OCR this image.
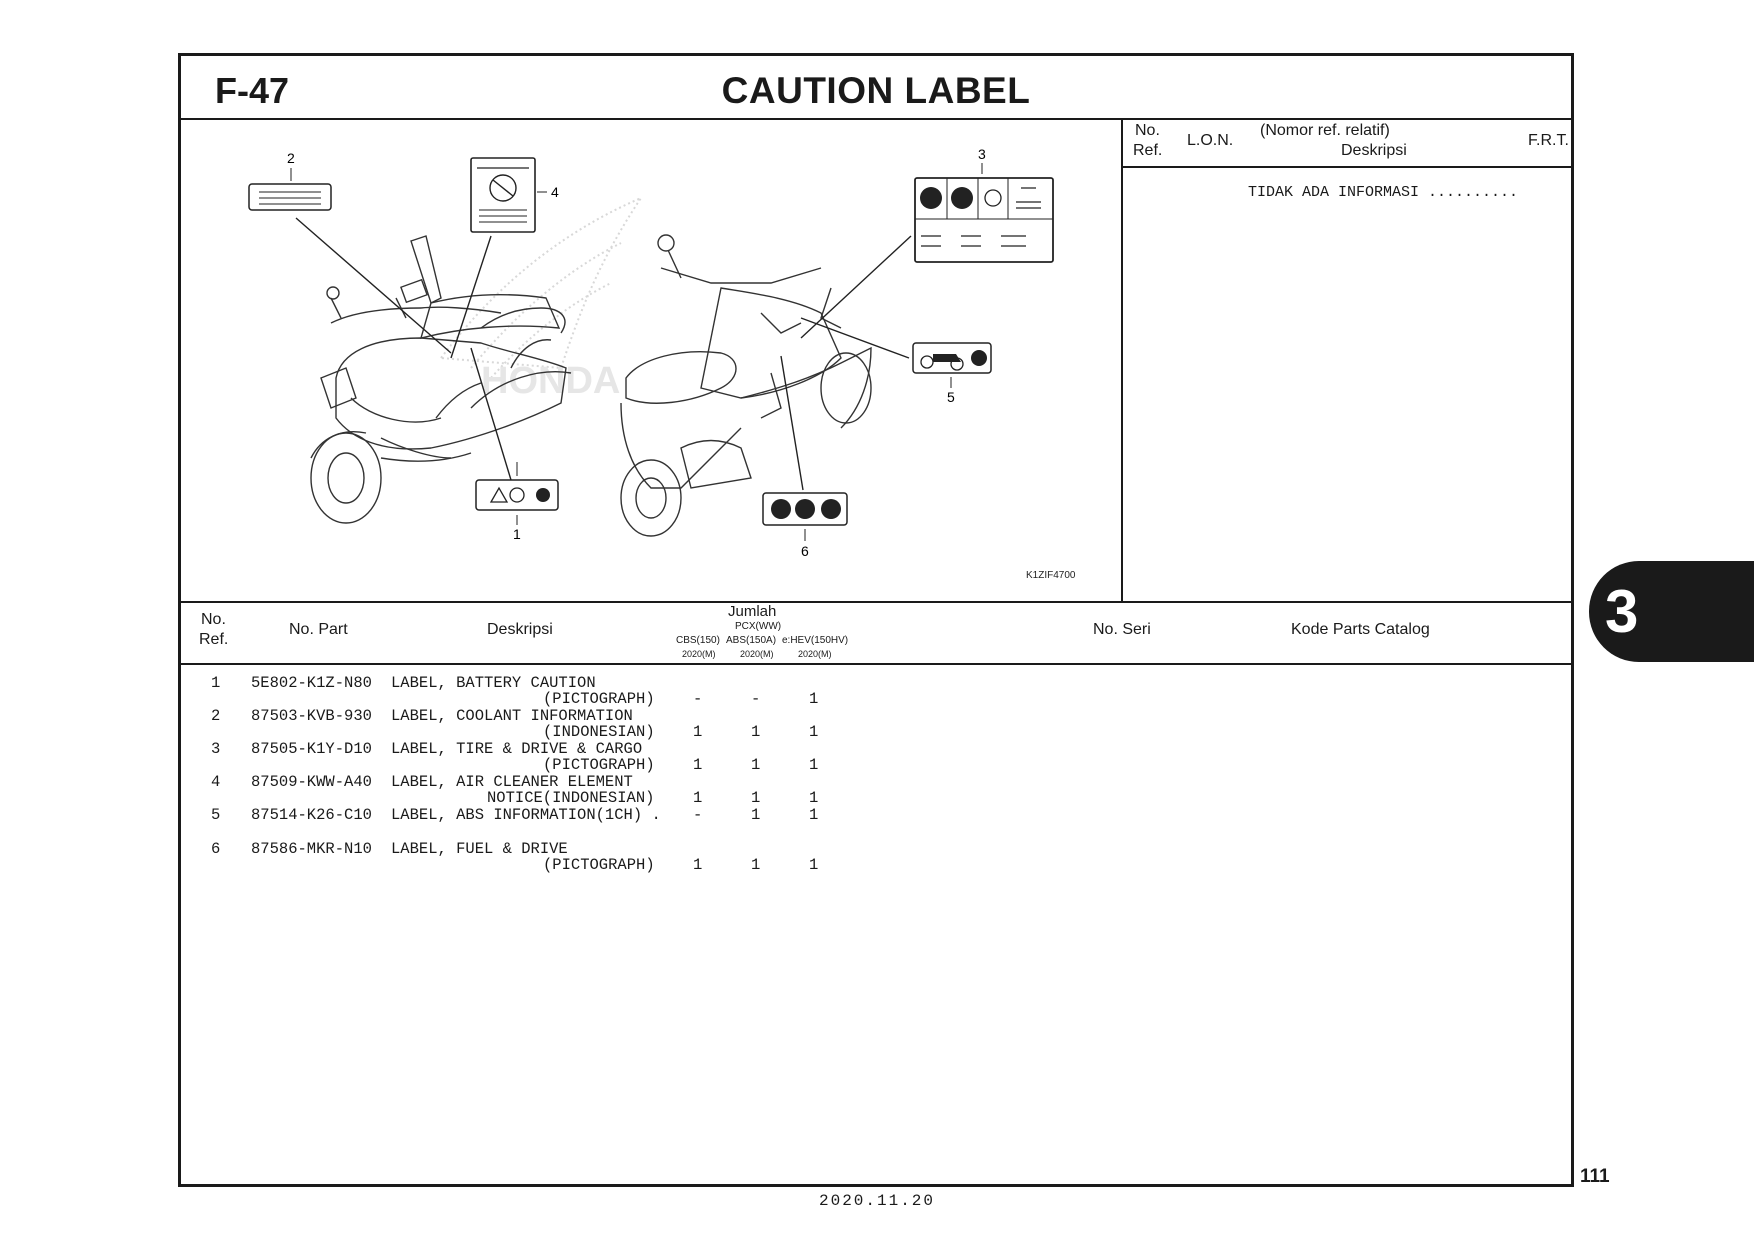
F-47	CAUTION LABEL
HONDA
1
2	3
4
5
6
K1ZIF4700
No.
Ref.
L.O.N.
(Nomor ref. relatif)
Deskripsi
F.R.T.
TIDAK ADA INFORMASI ..........
No.
Ref.
No. Part	Deskripsi
Jumlah
PCX(WW)
CBS(150) ABS(150A) e:HEV(150HV)
2020(M)	2020(M)	2020(M)
No. Seri	Kode Parts Catalog
1 5E802-K1Z-N80 LABEL, BATTERY CAUTION
(PICTOGRAPH) -	-	1
2 87503-KVB-930 LABEL, COOLANT INFORMATION
(INDONESIAN) 1	1	1
3 87505-K1Y-D10 LABEL, TIRE & DRIVE & CARGO
(PICTOGRAPH) 1	1	1
4 87509-KWW-A40 LABEL, AIR CLEANER ELEMENT
NOTICE(INDONESIAN) 1	1	1
5 87514-K26-C10 LABEL, ABS INFORMATION(1CH) . -	1	1
6 87586-MKR-N10 LABEL, FUEL & DRIVE
(PICTOGRAPH) 1	1	1
3
111
2020.11.20
